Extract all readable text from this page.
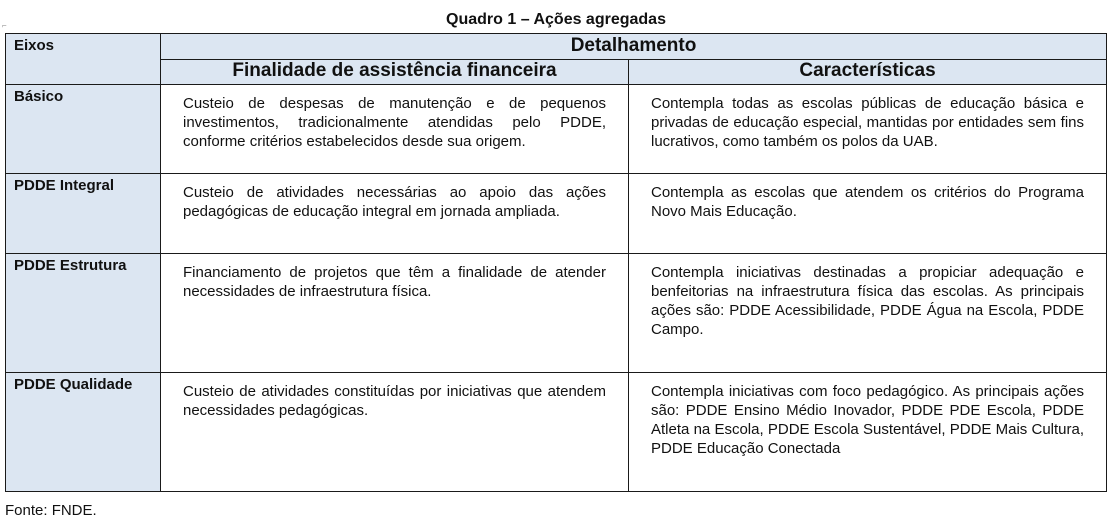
⌐	Quadro 1 – Ações agregadas
Eixos	Detalhamento	
	Finalidade de assistência financeira	Características
Básico	Custeio de despesas de manutenção e de pequenos investimentos, tradicionalmente atendidas pelo PDDE, conforme critérios estabelecidos desde sua origem.	Contempla todas as escolas públicas de educação básica e privadas de educação especial, mantidas por entidades sem fins lucrativos, como também os polos da UAB.
PDDE Integral	Custeio de atividades necessárias ao apoio das ações pedagógicas de educação integral em jornada ampliada.	Contempla as escolas que atendem os critérios do Programa Novo Mais Educação.
PDDE Estrutura	Financiamento de projetos que têm a finalidade de atender necessidades de infraestrutura física.	Contempla iniciativas destinadas a propiciar adequação e benfeitorias na infraestrutura física das escolas. As principais ações são: PDDE Acessibilidade, PDDE Água na Escola, PDDE Campo.
PDDE Qualidade	Custeio de atividades constituídas por iniciativas que atendem necessidades pedagógicas.	Contempla iniciativas com foco pedagógico. As principais ações são: PDDE Ensino Médio Inovador, PDDE PDE Escola, PDDE Atleta na Escola, PDDE Escola Sustentável, PDDE Mais Cultura, PDDE Educação Conectada
Fonte: FNDE.
